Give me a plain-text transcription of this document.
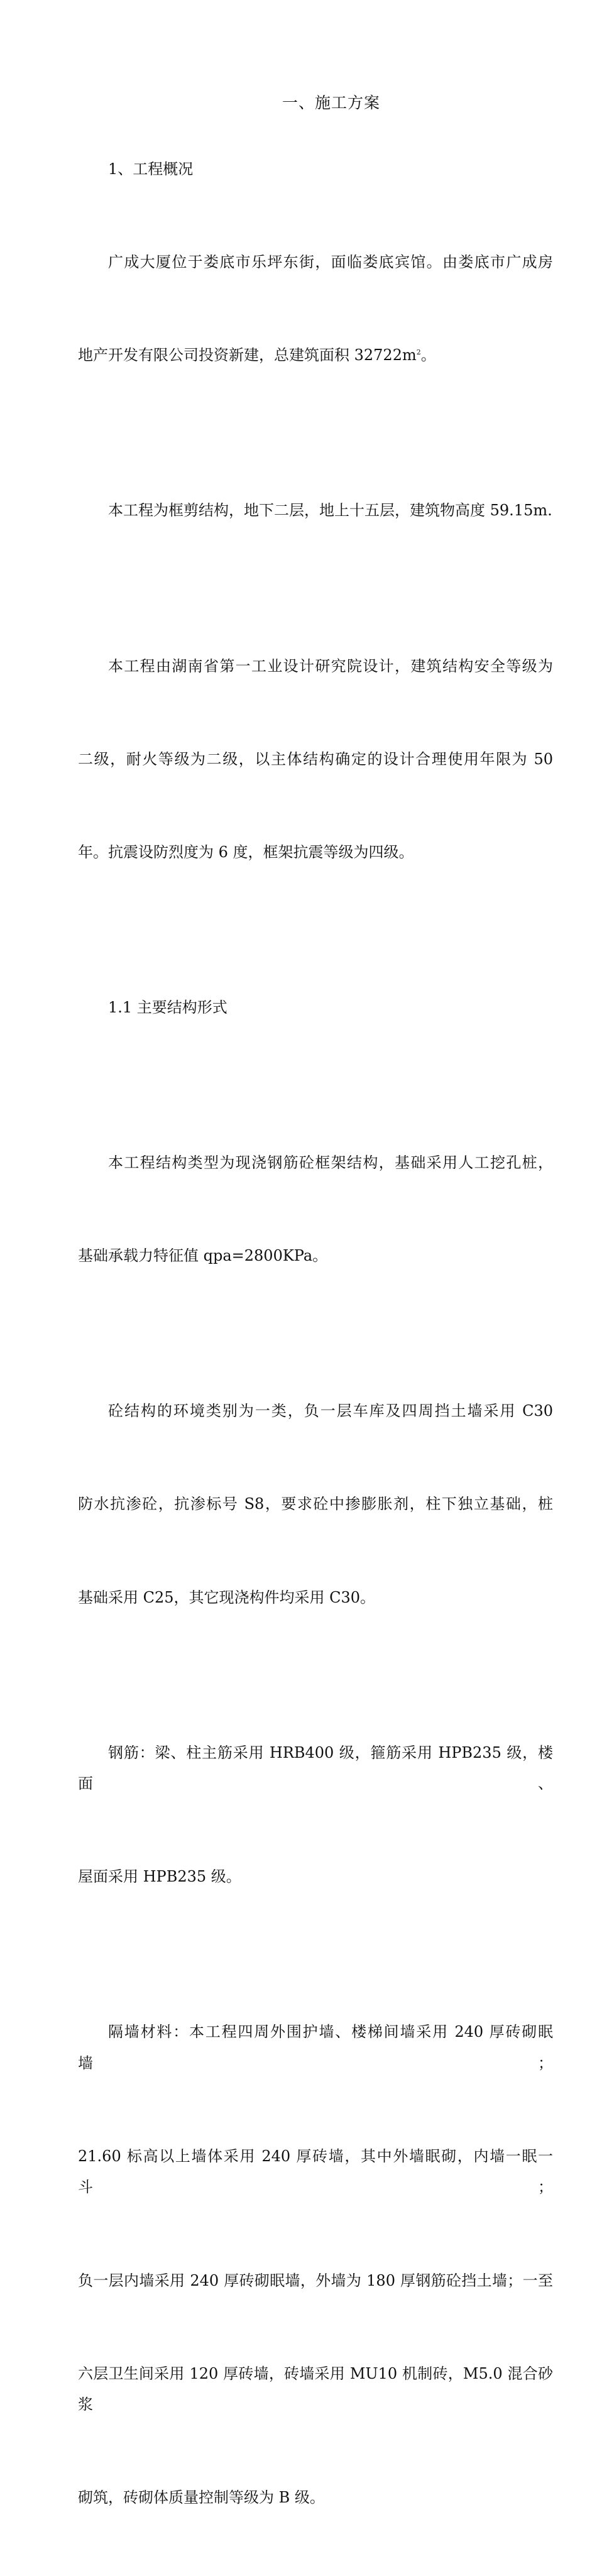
一、施工方案

1、工程概况

广成大厦位于娄底市乐坪东街，面临娄底宾馆。由娄底市广成房

地产开发有限公司投资新建，总建筑面积 $32722m^2$。

本工程为框剪结构，地下二层，地上十五层，建筑物高度 59.15m.

本工程由湖南省第一工业设计研究院设计，建筑结构安全等级为

二级，耐火等级为二级，以主体结构确定的设计合理使用年限为 50

年。抗震设防烈度为 6 度，框架抗震等级为四级。

1.1 主要结构形式

本工程结构类型为现浇钢筋砼框架结构，基础采用人工挖孔桩，

基础承载力特征值 qpa=2800KPa。

砼结构的环境类别为一类，负一层车库及四周挡土墙采用 C30

防水抗渗砼，抗渗标号 S8，要求砼中掺膨胀剂，柱下独立基础，桩

基础采用 C25，其它现浇构件均采用 C30。

钢筋：梁、柱主筋采用 HRB400 级，箍筋采用 HPB235 级，楼面、

屋面采用 HPB235 级。

隔墙材料：本工程四周外围护墙、楼梯间墙采用 240 厚砖砌眠墙；

21.60 标高以上墙体采用 240 厚砖墙，其中外墙眠砌，内墙一眠一斗；

负一层内墙采用 240 厚砖砌眠墙，外墙为 180 厚钢筋砼挡土墙；一至

六层卫生间采用 120 厚砖墙，砖墙采用 MU10 机制砖，M5.0 混合砂浆

砌筑，砖砌体质量控制等级为 B 级。
